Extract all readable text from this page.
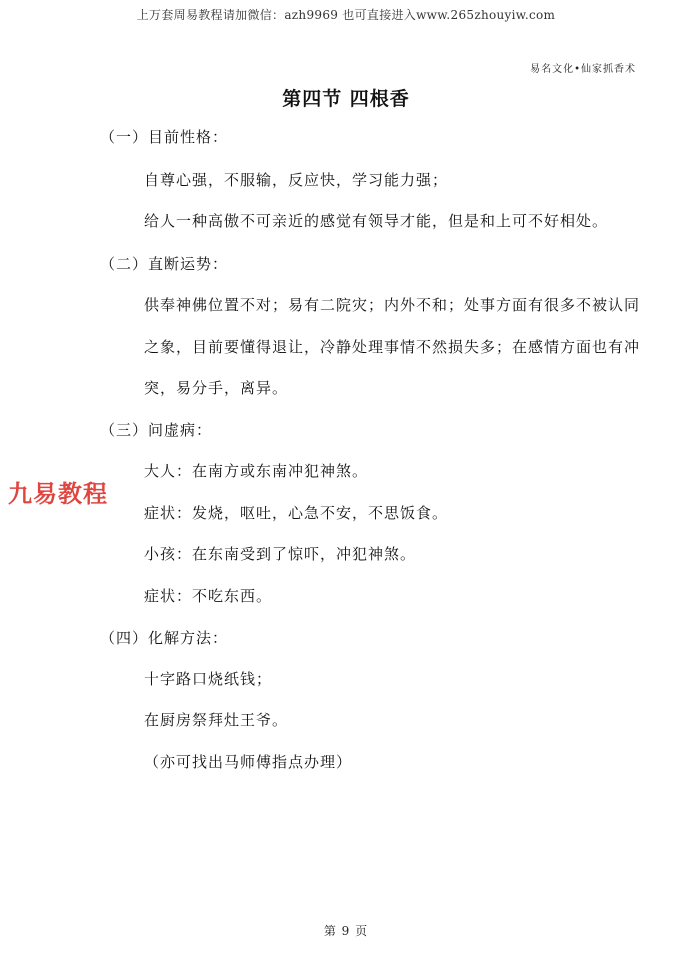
上万套周易教程请加微信：azh9969 也可直接进入www.265zhouyiw.com
易名文化•仙家抓香术
第四节 四根香
（一）目前性格：
自尊心强，不服输，反应快，学习能力强；
给人一种高傲不可亲近的感觉有领导才能，但是和上可不好相处。
（二）直断运势：
供奉神佛位置不对；易有二院灾；内外不和；处事方面有很多不被认同
之象，目前要懂得退让，冷静处理事情不然损失多；在感情方面也有冲
突，易分手，离异。
（三）问虚病：
大人：在南方或东南冲犯神煞。
症状：发烧，呕吐，心急不安，不思饭食。
小孩：在东南受到了惊吓，冲犯神煞。
症状：不吃东西。
（四）化解方法：
十字路口烧纸钱；
在厨房祭拜灶王爷。
（亦可找出马师傅指点办理）
九易教程
第 9 页
